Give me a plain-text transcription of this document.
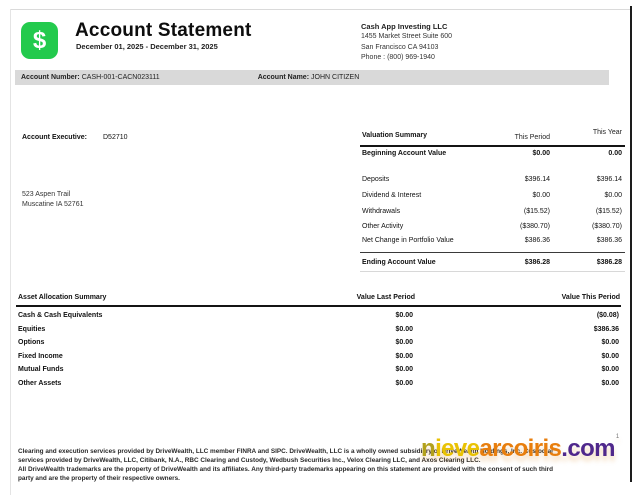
$ Account Statement
December 01, 2025 - December 31, 2025
Cash App Investing LLC
1455 Market Street Suite 600
San Francisco CA 94103
Phone : (800) 969-1940
Account Number: CASH-001-CACN023111	Account Name: JOHN CITIZEN
Account Executive: D52710
523 Aspen Trail
Muscatine IA 52761
Valuation Summary	This Period
This Year
Beginning Account Value	$0.00	0.00
Deposits	$396.14	$396.14
Dividend & Interest	$0.00	$0.00
Withdrawals	($15.52)	($15.52)
Other Activity	($380.70)	($380.70)
Net Change in Portfolio Value	$386.36	$386.36
Ending Account Value	$386.28	$386.28
Asset Allocation Summary	Value Last Period	Value This Period
Cash & Cash Equivalents	$0.00	($0.08)
Equities	$0.00	$386.36
Options	$0.00	$0.00
Fixed Income	$0.00	$0.00
Mutual Funds	$0.00	$0.00
Other Assets	$0.00	$0.00
Clearing and execution services provided by DriveWealth, LLC member FINRA and SIPC. DriveWealth, LLC is a wholly owned subsidiary of DriveWealth Holdings, Inc. Custodial
services provided by DriveWealth, LLC, Citibank, N.A., RBC Clearing and Custody, Wedbush Securities Inc., Velox Clearing LLC, and Axos Clearing LLC.
All DriveWealth trademarks are the property of DriveWealth and its affiliates. Any third-party trademarks appearing on this statement are provided with the consent of such third
party and are the property of their respective owners.
nievearcoiris.com$^1$
